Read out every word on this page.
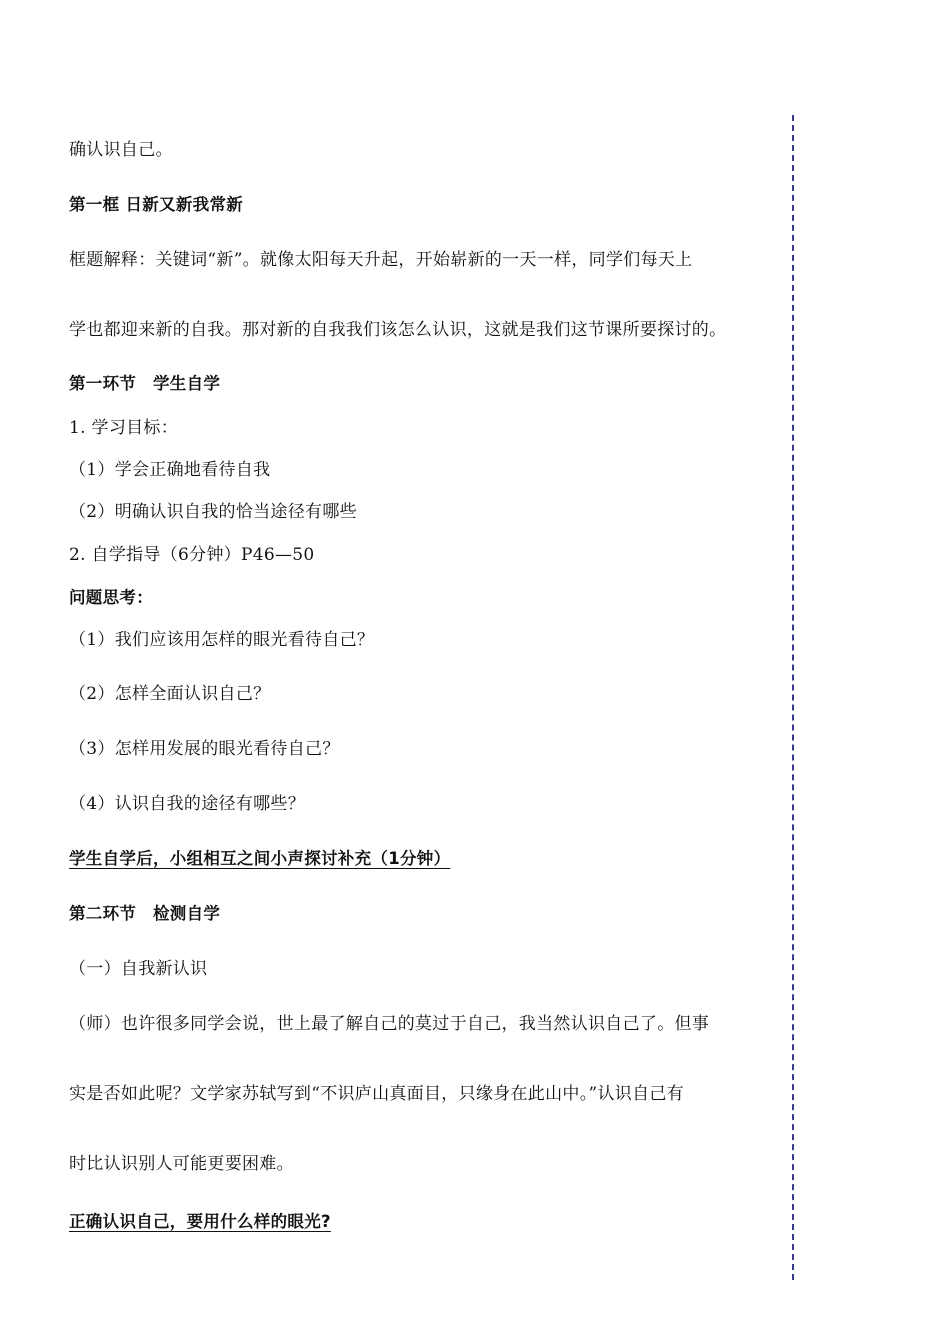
确认识自己。
第一框 日新又新我常新
框题解释：关键词“新”。就像太阳每天升起，开始崭新的一天一样，同学们每天上
学也都迎来新的自我。那对新的自我我们该怎么认识，这就是我们这节课所要探讨的。
第一环节　学生自学
1. 学习目标：
（1）学会正确地看待自我
（2）明确认识自我的恰当途径有哪些
2. 自学指导（6分钟）P46—50
问题思考：
（1）我们应该用怎样的眼光看待自己？
（2）怎样全面认识自己？
（3）怎样用发展的眼光看待自己？
（4）认识自我的途径有哪些？
学生自学后，小组相互之间小声探讨补充（1分钟）
第二环节　检测自学
（一）自我新认识
（师）也许很多同学会说，世上最了解自己的莫过于自己，我当然认识自己了。但事
实是否如此呢？文学家苏轼写到“不识庐山真面目，只缘身在此山中。”认识自己有
时比认识别人可能更要困难。
正确认识自己，要用什么样的眼光?
